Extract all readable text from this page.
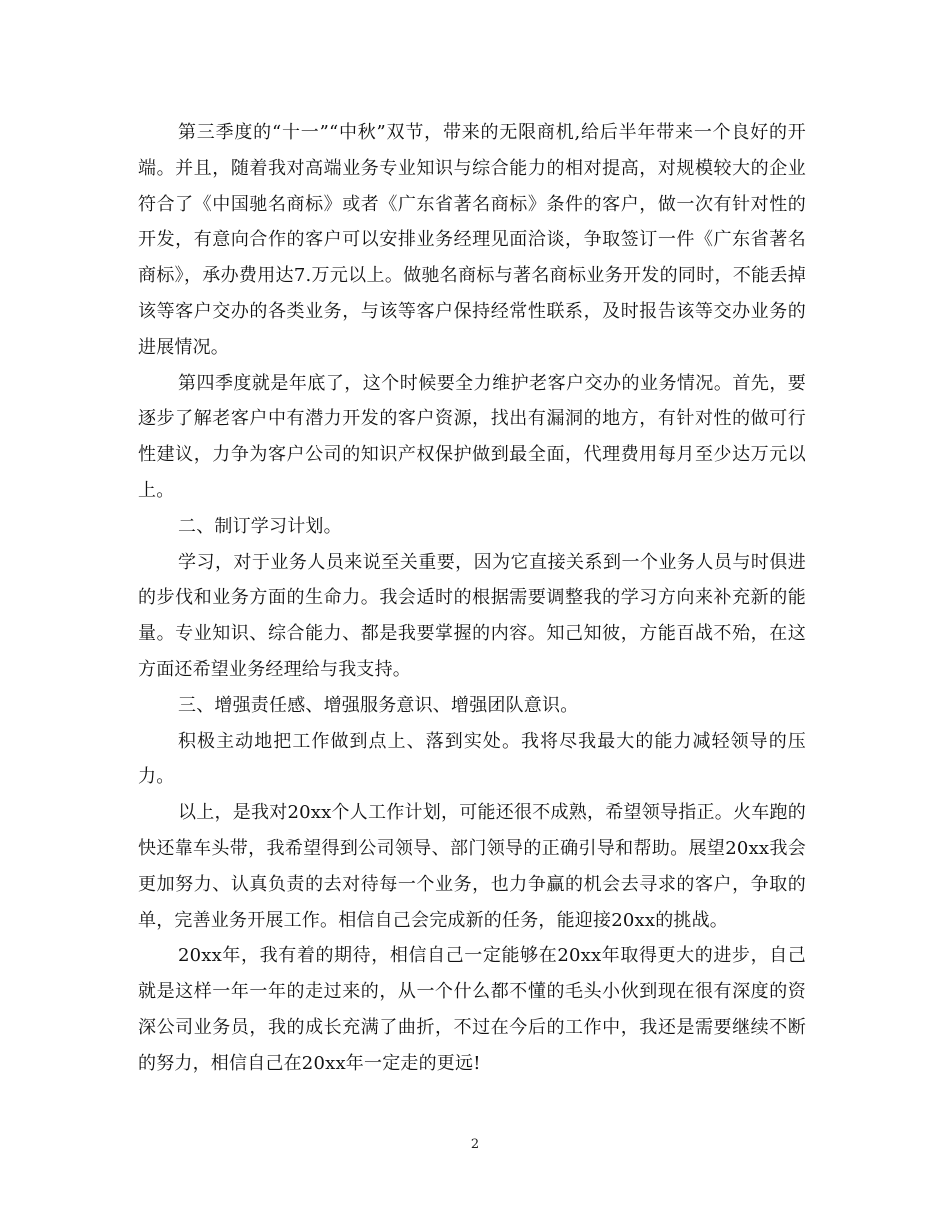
第三季度的“十一”“中秋”双节，带来的无限商机,给后半年带来一个良好的开端。并且，随着我对高端业务专业知识与综合能力的相对提高，对规模较大的企业符合了《中国驰名商标》或者《广东省著名商标》条件的客户，做一次有针对性的开发，有意向合作的客户可以安排业务经理见面洽谈，争取签订一件《广东省著名商标》，承办费用达7.万元以上。做驰名商标与著名商标业务开发的同时，不能丢掉该等客户交办的各类业务，与该等客户保持经常性联系，及时报告该等交办业务的进展情况。

第四季度就是年底了，这个时候要全力维护老客户交办的业务情况。首先，要逐步了解老客户中有潜力开发的客户资源，找出有漏洞的地方，有针对性的做可行性建议，力争为客户公司的知识产权保护做到最全面，代理费用每月至少达万元以上。

二、制订学习计划。

学习，对于业务人员来说至关重要，因为它直接关系到一个业务人员与时俱进的步伐和业务方面的生命力。我会适时的根据需要调整我的学习方向来补充新的能量。专业知识、综合能力、都是我要掌握的内容。知己知彼，方能百战不殆，在这方面还希望业务经理给与我支持。

三、增强责任感、增强服务意识、增强团队意识。

积极主动地把工作做到点上、落到实处。我将尽我最大的能力减轻领导的压力。

以上，是我对20xx个人工作计划，可能还很不成熟，希望领导指正。火车跑的快还靠车头带，我希望得到公司领导、部门领导的正确引导和帮助。展望20xx我会更加努力、认真负责的去对待每一个业务，也力争赢的机会去寻求的客户，争取的单，完善业务开展工作。相信自己会完成新的任务，能迎接20xx的挑战。

20xx年，我有着的期待，相信自己一定能够在20xx年取得更大的进步，自己就是这样一年一年的走过来的，从一个什么都不懂的毛头小伙到现在很有深度的资深公司业务员，我的成长充满了曲折，不过在今后的工作中，我还是需要继续不断的努力，相信自己在20xx年一定走的更远!

2
